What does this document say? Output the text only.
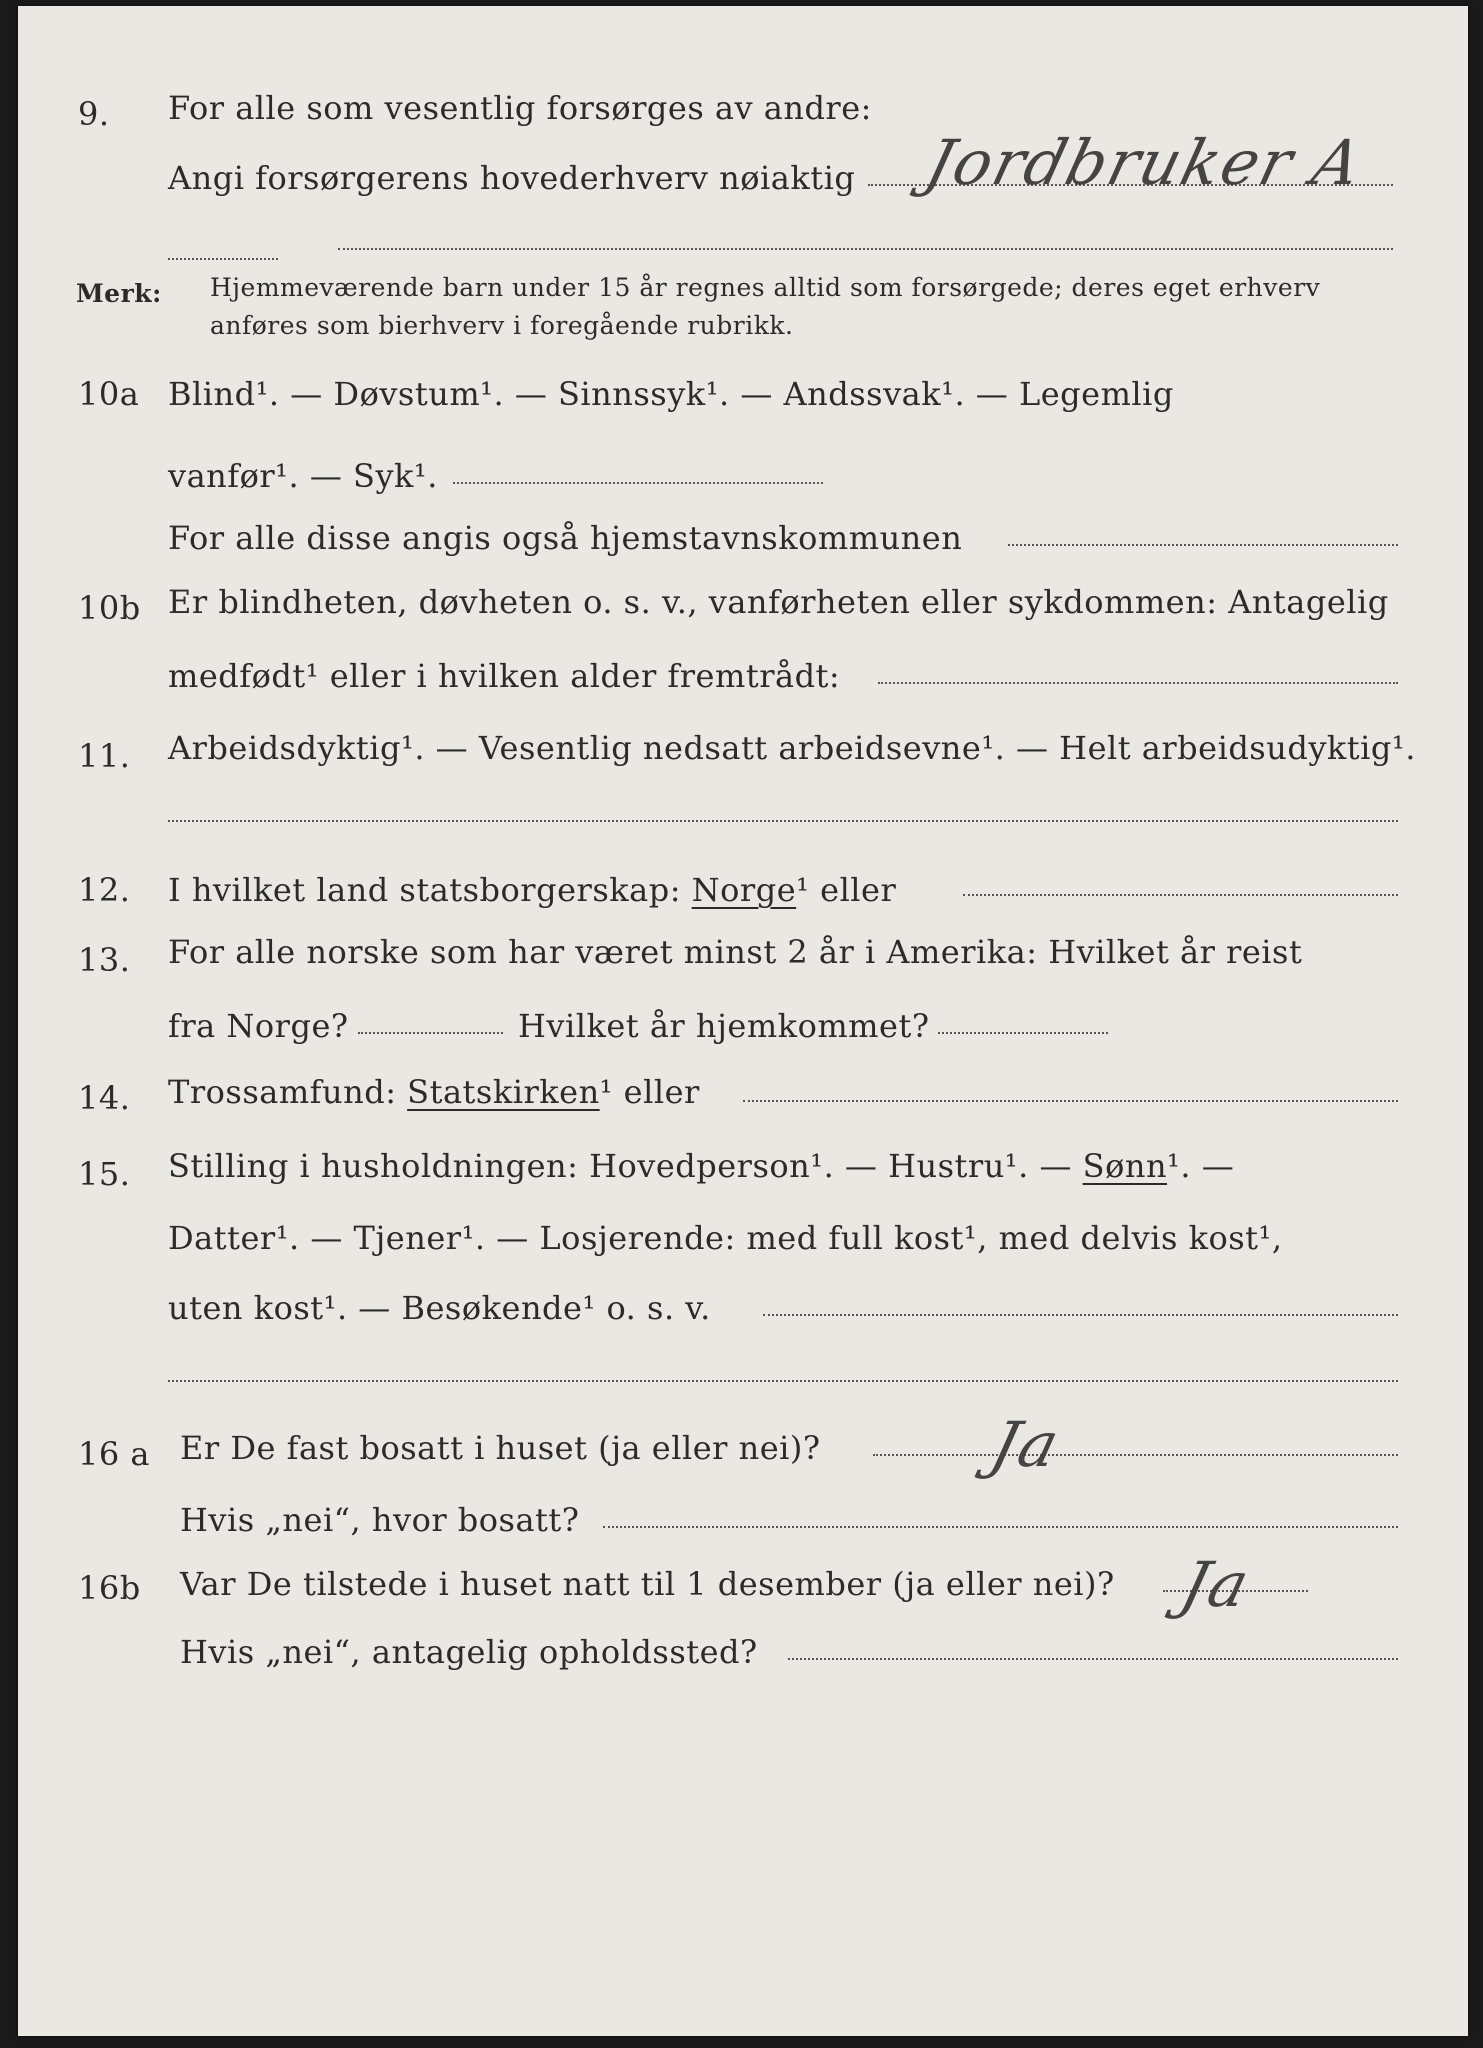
9. For alle som vesentlig forsørges av andre:
Angi forsørgerens hovederhverv nøiaktig Jordbruker A
Merk: Hjemmeværende barn under 15 år regnes alltid som forsørgede; deres eget erhverv
anføres som bierhverv i foregående rubrikk.
10a Blind¹. — Døvstum¹. — Sinnssyk¹. — Andssvak¹. — Legemlig
vanfør¹. — Syk¹.
For alle disse angis også hjemstavnskommunen
10b Er blindheten, døvheten o. s. v., vanførheten eller sykdommen: Antagelig
medfødt¹ eller i hvilken alder fremtrådt:
11. Arbeidsdyktig¹. — Vesentlig nedsatt arbeidsevne¹. — Helt arbeidsudyktig¹.
12. I hvilket land statsborgerskap: Norge¹ eller
13. For alle norske som har været minst 2 år i Amerika: Hvilket år reist
fra Norge?	Hvilket år hjemkommet?
14. Trossamfund: Statskirken¹ eller
15. Stilling i husholdningen: Hovedperson¹. — Hustru¹. — Sønn¹. —
Datter¹. — Tjener¹. — Losjerende: med full kost¹, med delvis kost¹,
uten kost¹. — Besøkende¹ o. s. v.
16 a Er De fast bosatt i huset (ja eller nei)?	Ja
Hvis „nei“, hvor bosatt?
16b Var De tilstede i huset natt til 1 desember (ja eller nei)? Ja
Hvis „nei“, antagelig opholdssted?
